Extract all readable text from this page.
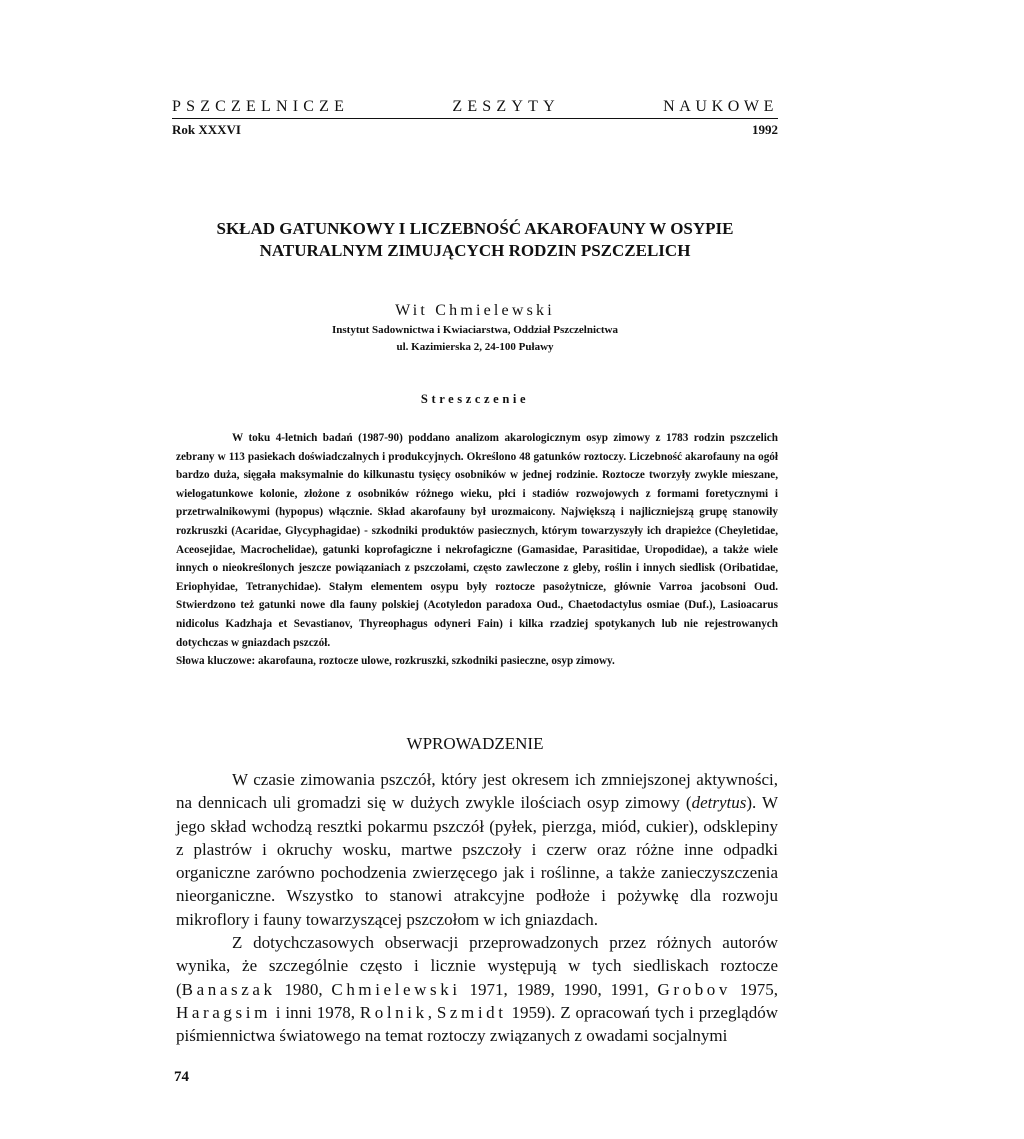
PSZCZELNICZE	ZESZYTY	NAUKOWE
Rok XXXVI	1992
SKŁAD GATUNKOWY I LICZEBNOŚĆ AKAROFAUNY W OSYPIE
NATURALNYM ZIMUJĄCYCH RODZIN PSZCZELICH
Wit Chmielewski
Instytut Sadownictwa i Kwiaciarstwa, Oddział Pszczelnictwa
ul. Kazimierska 2, 24-100 Puławy
Streszczenie

W toku 4-letnich badań (1987-90) poddano analizom akarologicznym osyp zimowy z 1783 rodzin pszczelich zebrany w 113 pasiekach doświadczalnych i produkcyjnych. Określono 48 gatunków roztoczy. Liczebność akarofauny na ogół bardzo duża, sięgała maksymalnie do kilkunastu tysięcy osobników w jednej rodzinie. Roztocze tworzyły zwykle mieszane, wielogatunkowe kolonie, złożone z osobników różnego wieku, płci i stadiów rozwojowych z formami foretycznymi i przetrwalnikowymi (hypopus) włącznie. Skład akarofauny był urozmaicony. Największą i najliczniejszą grupę stanowiły rozkruszki (Acaridae, Glycyphagidae) - szkodniki produktów pasiecznych, którym towarzyszyły ich drapieżce (Cheyletidae, Aceosejidae, Macrochelidae), gatunki koprofagiczne i nekrofagiczne (Gamasidae, Parasitidae, Uropodidae), a także wiele innych o nieokreślonych jeszcze powiązaniach z pszczołami, często zawleczone z gleby, roślin i innych siedlisk (Oribatidae, Eriophyidae, Tetranychidae). Stałym elementem osypu były roztocze pasożytnicze, głównie Varroa jacobsoni Oud. Stwierdzono też gatunki nowe dla fauny polskiej (Acotyledon paradoxa Oud., Chaetodactylus osmiae (Duf.), Lasioacarus nidicolus Kadzhaja et Sevastianov, Thyreophagus odyneri Fain) i kilka rzadziej spotykanych lub nie rejestrowanych dotychczas w gniazdach pszczół.

Słowa kluczowe: akarofauna, roztocze ulowe, rozkruszki, szkodniki pasieczne, osyp zimowy.

WPROWADZENIE

W czasie zimowania pszczół, który jest okresem ich zmniejszonej aktywności, na dennicach uli gromadzi się w dużych zwykle ilościach osyp zimowy (detrytus). W jego skład wchodzą resztki pokarmu pszczół (pyłek, pierzga, miód, cukier), odsklepiny z plastrów i okruchy wosku, martwe pszczoły i czerw oraz różne inne odpadki organiczne zarówno pochodzenia zwierzęcego jak i roślinne, a także zanieczyszczenia nieorganiczne. Wszystko to stanowi atrakcyjne podłoże i pożywkę dla rozwoju mikroflory i fauny towarzyszącej pszczołom w ich gniazdach.

Z dotychczasowych obserwacji przeprowadzonych przez różnych autorów wynika, że szczególnie często i licznie występują w tych siedliskach roztocze (Banaszak 1980, Chmielewski 1971, 1989, 1990, 1991, Grobov 1975, Haragsim i inni 1978, Rolnik, Szmidt 1959). Z opracowań tych i przeglądów piśmiennictwa światowego na temat roztoczy związanych z owadami socjalnymi

74
